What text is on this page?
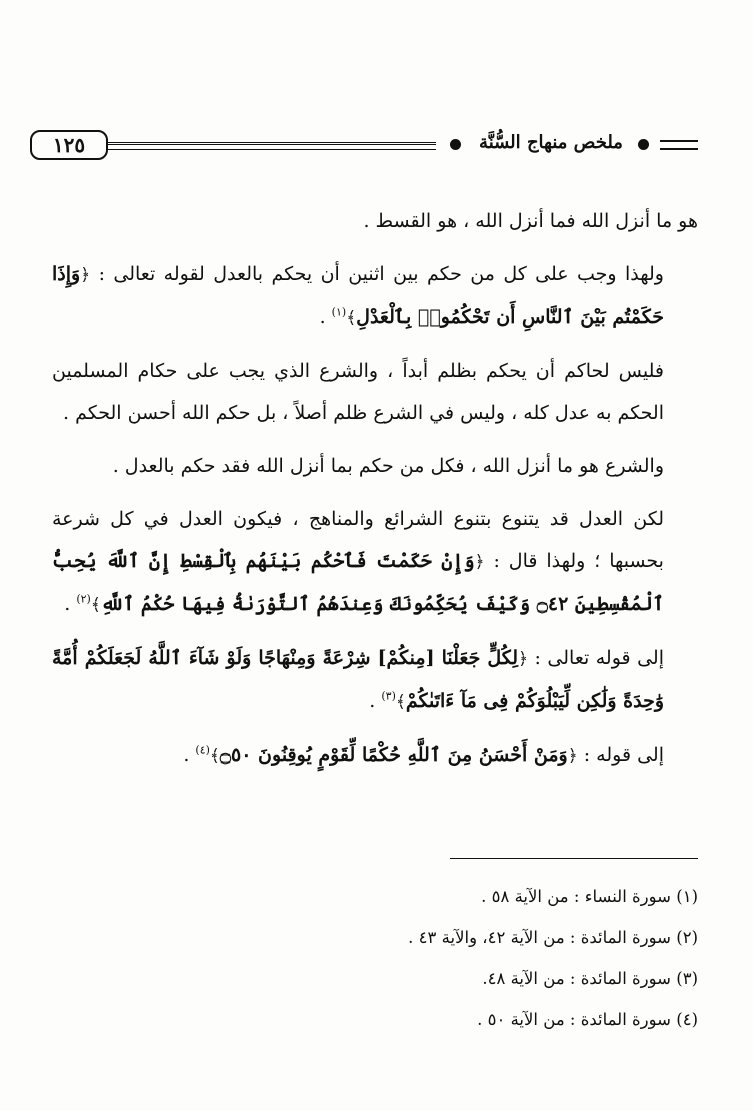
١٢٥	ملخص منهاج السُّنَّة

هو ما أنزل الله فما أنزل الله ، هو القسط .

ولهذا وجب على كل من حكم بين اثنين أن يحكم بالعدل لقوله تعالى : ﴿وَإِذَا حَكَمْتُم بَيْنَ ٱلنَّاسِ أَن تَحْكُمُوا۟ بِٱلْعَدْلِ﴾$^{(١)}$ .

فليس لحاكم أن يحكم بظلم أبداً ، والشرع الذي يجب على حكام المسلمين الحكم به عدل كله ، وليس في الشرع ظلم أصلاً ، بل حكم الله أحسن الحكم .

والشرع هو ما أنزل الله ، فكل من حكم بما أنزل الله فقد حكم بالعدل .

لكن العدل قد يتنوع بتنوع الشرائع والمناهج ، فيكون العدل في كل شرعة بحسبها ؛ ولهذا قال : ﴿وَإِنْ حَكَمْتَ فَٱحْكُم بَيْنَهُم بِٱلْقِسْطِ إِنَّ ٱللَّهَ يُحِبُّ ٱلْمُقْسِطِينَ ۝٤٢ وَكَيْفَ يُحَكِّمُونَكَ وَعِندَهُمُ ٱلتَّوْرَىٰةُ فِيهَا حُكْمُ ٱللَّهِ﴾$^{(٢)}$ .

إلى قوله تعالى : ﴿لِكُلٍّ جَعَلْنَا [مِنكُمْ] شِرْعَةً وَمِنْهَاجًا وَلَوْ شَآءَ ٱللَّهُ لَجَعَلَكُمْ أُمَّةً وَٰحِدَةً وَلَٰكِن لِّيَبْلُوَكُمْ فِى مَآ ءَاتَىٰكُمْ﴾$^{(٣)}$ .

إلى قوله : ﴿وَمَنْ أَحْسَنُ مِنَ ٱللَّهِ حُكْمًا لِّقَوْمٍ يُوقِنُونَ ۝٥٠﴾$^{(٤)}$ .

(١) سورة النساء : من الآية ٥٨ .
(٢) سورة المائدة : من الآية ٤٢، والآية ٤٣ .
(٣) سورة المائدة : من الآية ٤٨.
(٤) سورة المائدة : من الآية ٥٠ .
